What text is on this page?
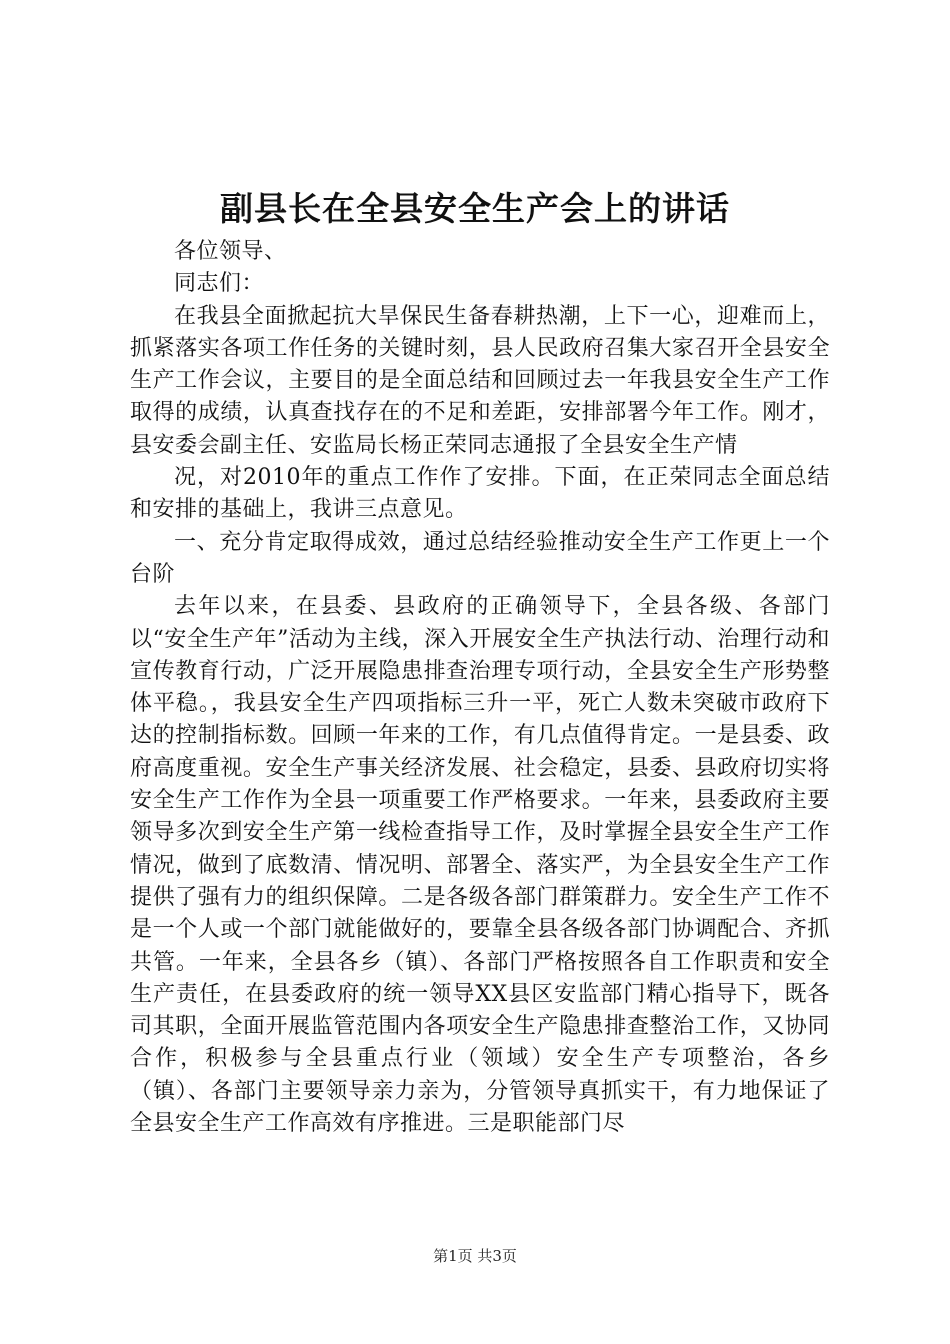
副县长在全县安全生产会上的讲话

各位领导、

同志们：

在我县全面掀起抗大旱保民生备春耕热潮，上下一心，迎难而上，抓紧落实各项工作任务的关键时刻，县人民政府召集大家召开全县安全生产工作会议，主要目的是全面总结和回顾过去一年我县安全生产工作取得的成绩，认真查找存在的不足和差距，安排部署今年工作。刚才，县安委会副主任、安监局长杨正荣同志通报了全县安全生产情

况，对2010年的重点工作作了安排。下面，在正荣同志全面总结和安排的基础上，我讲三点意见。

一、充分肯定取得成效，通过总结经验推动安全生产工作更上一个台阶

去年以来，在县委、县政府的正确领导下，全县各级、各部门以“安全生产年”活动为主线，深入开展安全生产执法行动、治理行动和宣传教育行动，广泛开展隐患排查治理专项行动，全县安全生产形势整体平稳。，我县安全生产四项指标三升一平，死亡人数未突破市政府下达的控制指标数。回顾一年来的工作，有几点值得肯定。一是县委、政府高度重视。安全生产事关经济发展、社会稳定，县委、县政府切实将安全生产工作作为全县一项重要工作严格要求。一年来，县委政府主要领导多次到安全生产第一线检查指导工作，及时掌握全县安全生产工作情况，做到了底数清、情况明、部署全、落实严，为全县安全生产工作提供了强有力的组织保障。二是各级各部门群策群力。安全生产工作不是一个人或一个部门就能做好的，要靠全县各级各部门协调配合、齐抓共管。一年来，全县各乡（镇）、各部门严格按照各自工作职责和安全生产责任，在县委政府的统一领导XX县区安监部门精心指导下，既各司其职，全面开展监管范围内各项安全生产隐患排查整治工作，又协同合作，积极参与全县重点行业（领域）安全生产专项整治，各乡（镇）、各部门主要领导亲力亲为，分管领导真抓实干，有力地保证了全县安全生产工作高效有序推进。三是职能部门尽

第1页 共3页
